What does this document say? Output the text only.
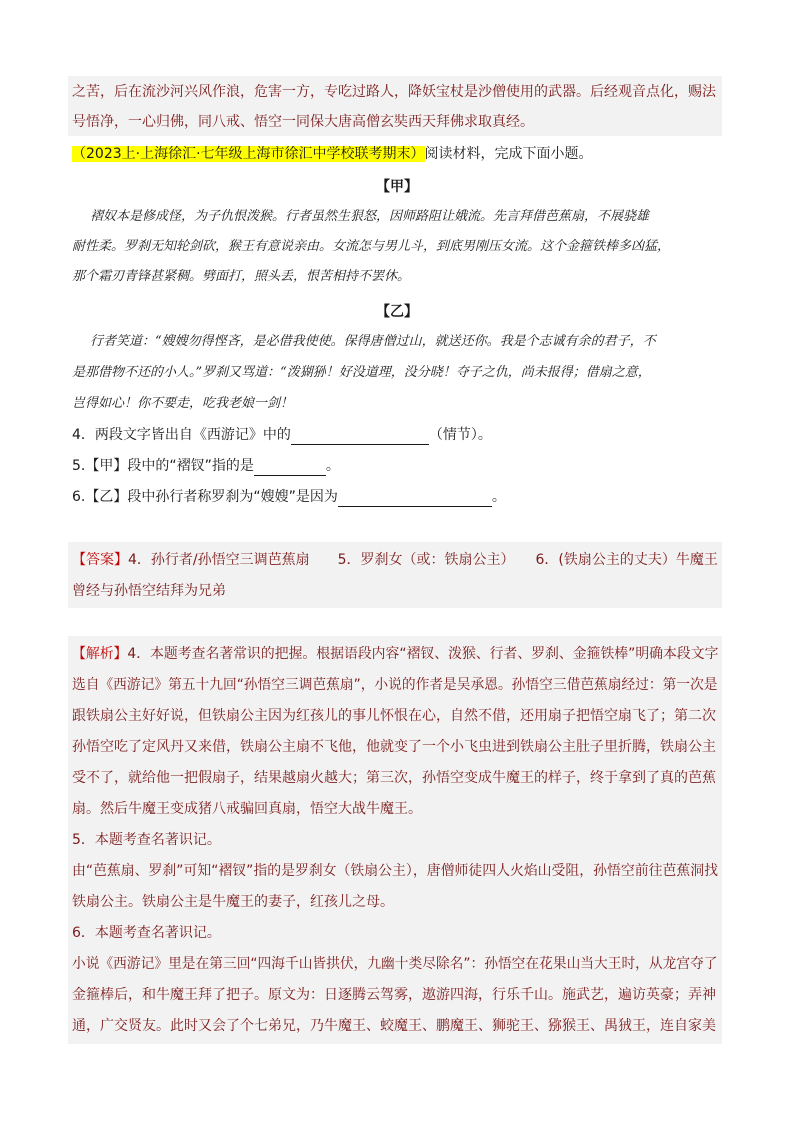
之苦，后在流沙河兴风作浪，危害一方，专吃过路人，降妖宝杖是沙僧使用的武器。后经观音点化，赐法
号悟净，一心归佛，同八戒、悟空一同保大唐高僧玄奘西天拜佛求取真经。
（2023上·上海徐汇·七年级上海市徐汇中学校联考期末）阅读材料，完成下面小题。
【甲】
褶奴本是修成怪，为子仇恨泼猴。行者虽然生狠怒，因师路阻让娥流。先言拜借芭蕉扇，不展骁雄
耐性柔。罗刹无知轮剑砍，猴王有意说亲由。女流怎与男儿斗，到底男刚压女流。这个金箍铁棒多凶猛，
那个霜刃青锋甚紧稠。劈面打，照头丢，恨苦相持不罢休。
【乙】
行者笑道：“嫂嫂勿得悭吝，是必借我使使。保得唐僧过山，就送还你。我是个志诚有余的君子，不
是那借物不还的小人。”罗刹又骂道：“泼猢狲！好没道理，没分晓！夺子之仇，尚未报得；借扇之意，
岂得如心！你不要走，吃我老娘一剑！
4．两段文字皆出自《西游记》中的	（情节）。
5.【甲】段中的“褶钗”指的是	。
6.【乙】段中孙行者称罗刹为“嫂嫂”是因为	。
【答案】4．孙行者/孙悟空三调芭蕉扇　　5．罗刹女（或：铁扇公主）　　6．(铁扇公主的丈夫）牛魔王
曾经与孙悟空结拜为兄弟
【解析】4．本题考查名著常识的把握。根据语段内容“褶钗、泼猴、行者、罗刹、金箍铁棒”明确本段文字
选自《西游记》第五十九回“孙悟空三调芭蕉扇”，小说的作者是吴承恩。孙悟空三借芭蕉扇经过：第一次是
跟铁扇公主好好说，但铁扇公主因为红孩儿的事儿怀恨在心，自然不借，还用扇子把悟空扇飞了；第二次
孙悟空吃了定风丹又来借，铁扇公主扇不飞他，他就变了一个小飞虫进到铁扇公主肚子里折腾，铁扇公主
受不了，就给他一把假扇子，结果越扇火越大；第三次，孙悟空变成牛魔王的样子，终于拿到了真的芭蕉
扇。然后牛魔王变成猪八戒骗回真扇，悟空大战牛魔王。
5．本题考查名著识记。
由“芭蕉扇、罗刹”可知“褶钗”指的是罗刹女（铁扇公主），唐僧师徒四人火焰山受阻，孙悟空前往芭蕉洞找
铁扇公主。铁扇公主是牛魔王的妻子，红孩儿之母。
6．本题考查名著识记。
小说《西游记》里是在第三回“四海千山皆拱伏，九幽十类尽除名”：孙悟空在花果山当大王时，从龙宫夺了
金箍棒后，和牛魔王拜了把子。原文为：日逐腾云驾雾，遨游四海，行乐千山。施武艺，遍访英豪；弄神
通，广交贤友。此时又会了个七弟兄，乃牛魔王、蛟魔王、鹏魔王、狮驼王、猕猴王、禺狨王，连自家美
